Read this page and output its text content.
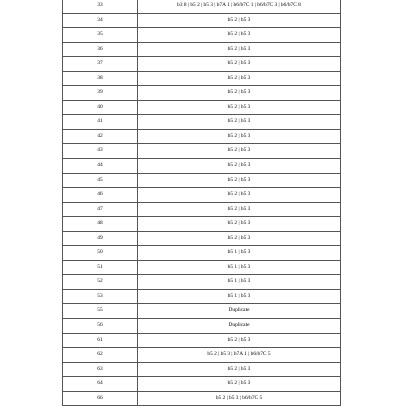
33	b3 8 | b5 2 | b5 3 | b7A 1 | b6/b7C 1 | b6/b7C 3 | b6/b7C 8
34	b5 2 | b5 3
35	b5 2 | b5 3
36	b5 2 | b5 3
37	b5 2 | b5 3
38	b5 2 | b5 3
39	b5 2 | b5 3
40	b5 2 | b5 3
41	b5 2 | b5 3
42	b5 2 | b5 3
43	b5 2 | b5 3
44	b5 2 | b5 3
45	b5 2 | b5 3
46	b5 2 | b5 3
47	b5 2 | b5 3
48	b5 2 | b5 3
49	b5 2 | b5 3
50	b5 1 | b5 3
51	b5 1 | b5 3
52	b5 1 | b5 3
53	b5 1 | b5 3
55	Duplicate
56	Duplicate
61	b5 2 | b5 3
62	b5 2 | b5 3 | b7A 1 | b6/b7C 5
63	b5 2 | b5 3
64	b5 2 | b5 3
66	b5 2 | b5 3 | b6/b7C 5
